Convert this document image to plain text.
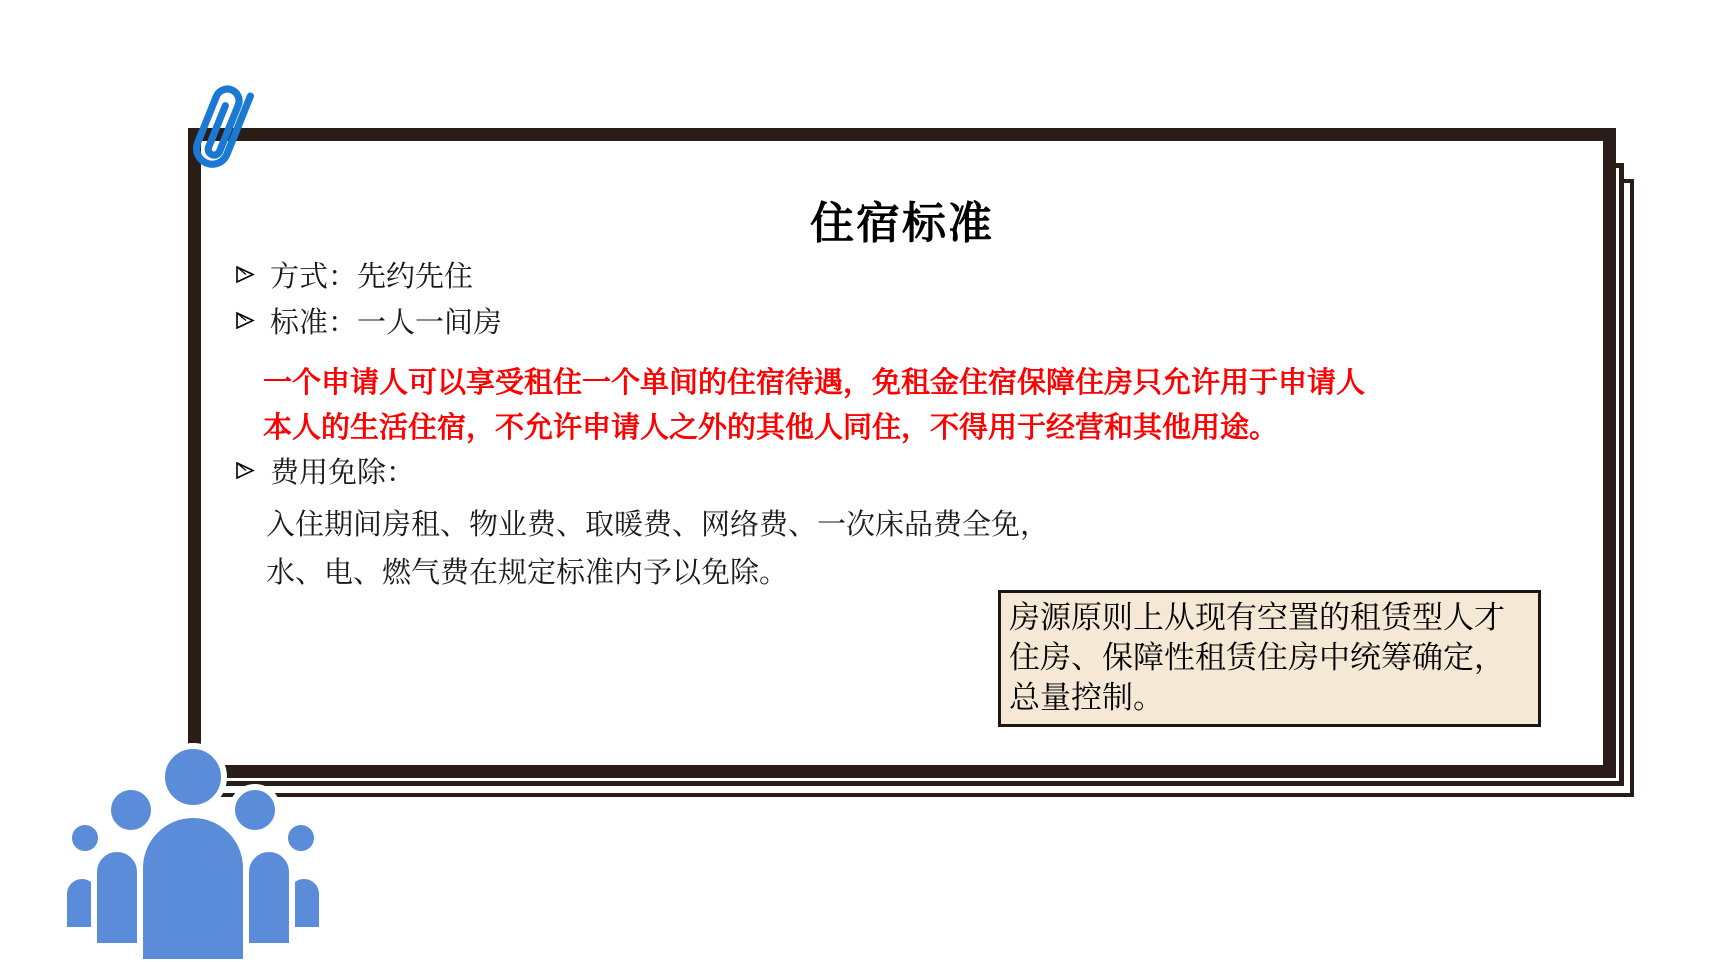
住宿标准
方式：先约先住
标准：一人一间房
一个申请人可以享受租住一个单间的住宿待遇，免租金住宿保障住房只允许用于申请人
本人的生活住宿，不允许申请人之外的其他人同住，不得用于经营和其他用途。
费用免除：
入住期间房租、物业费、取暖费、网络费、一次床品费全免，
水、电、燃气费在规定标准内予以免除。
房源原则上从现有空置的租赁型人才
住房、保障性租赁住房中统筹确定，
总量控制。
